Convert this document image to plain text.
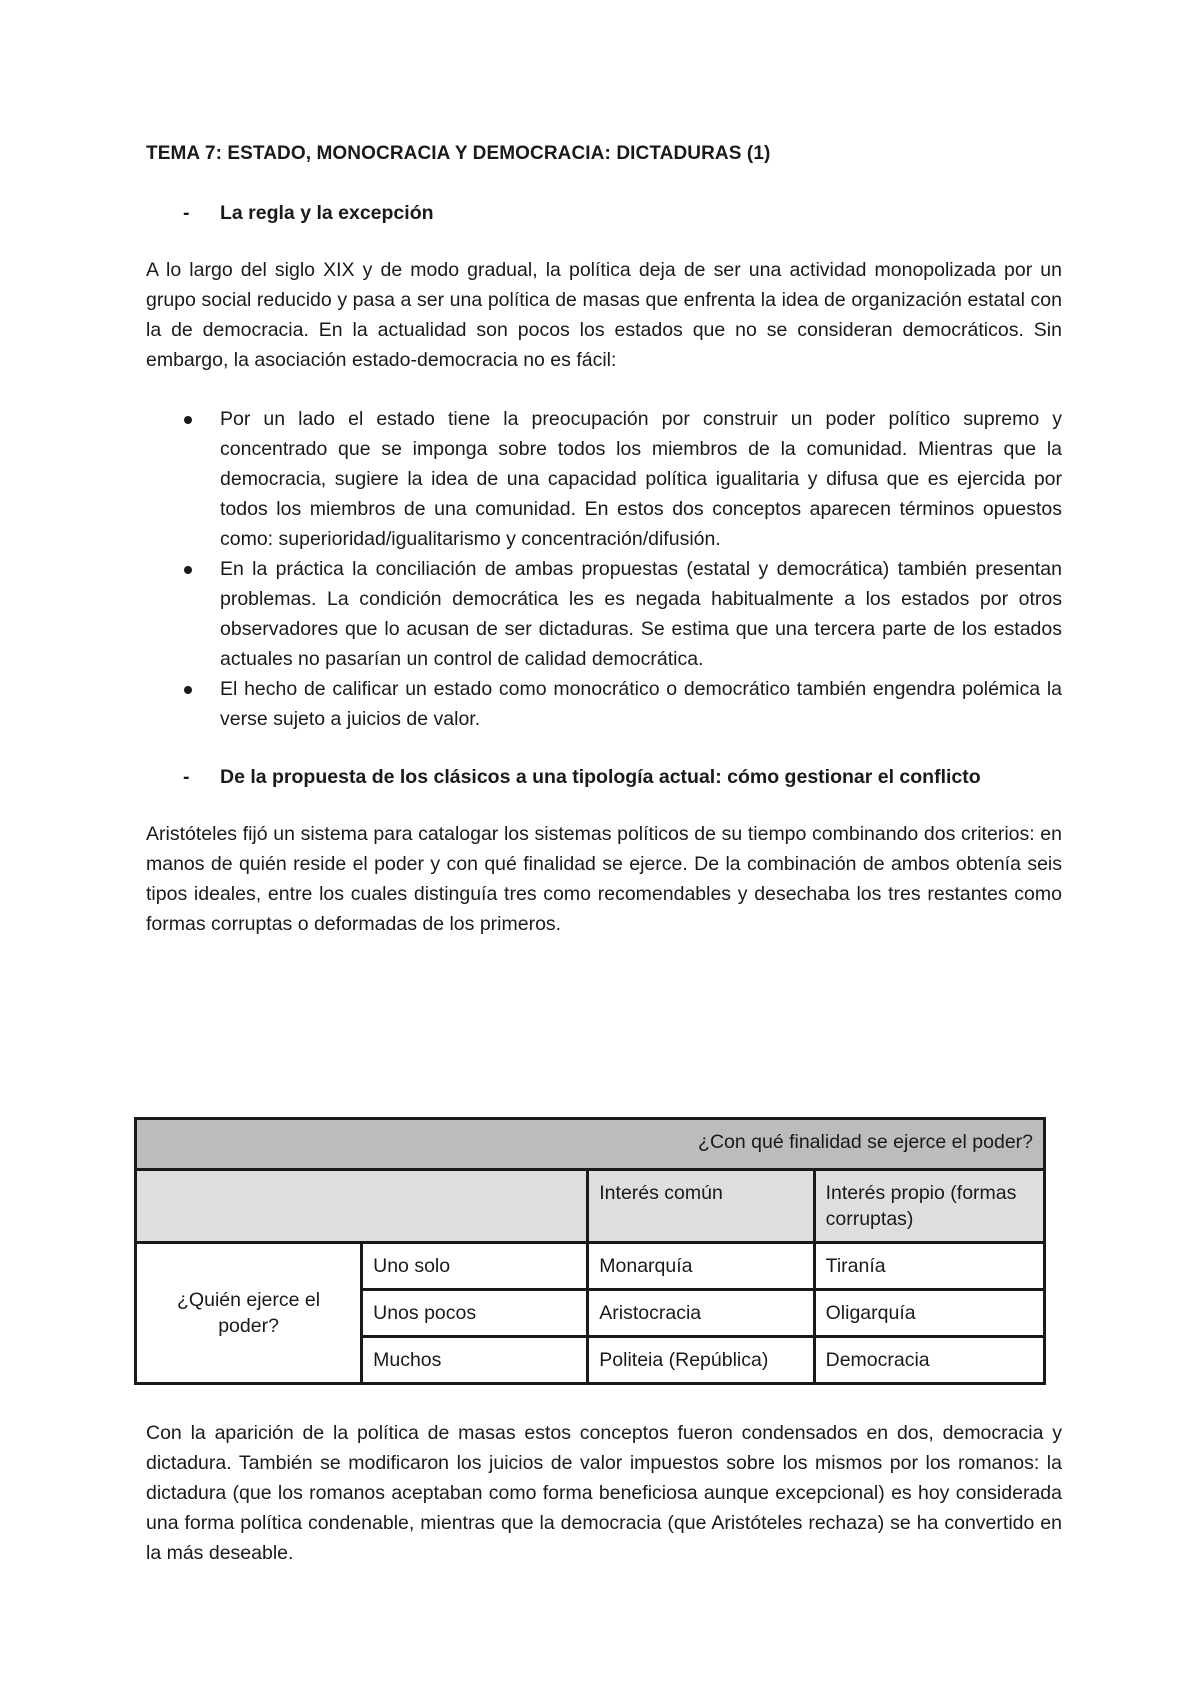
TEMA 7: ESTADO, MONOCRACIA Y DEMOCRACIA: DICTADURAS (1)

-	La regla y la excepción

A lo largo del siglo XIX y de modo gradual, la política deja de ser una actividad monopolizada por un grupo social reducido y pasa a ser una política de masas que enfrenta la idea de organización estatal con la de democracia. En la actualidad son pocos los estados que no se consideran democráticos. Sin embargo, la asociación estado-democracia no es fácil:

Por un lado el estado tiene la preocupación por construir un poder político supremo y concentrado que se imponga sobre todos los miembros de la comunidad. Mientras que la democracia, sugiere la idea de una capacidad política igualitaria y difusa que es ejercida por todos los miembros de una comunidad. En estos dos conceptos aparecen términos opuestos como: superioridad/igualitarismo y concentración/difusión.
En la práctica la conciliación de ambas propuestas (estatal y democrática) también presentan problemas. La condición democrática les es negada habitualmente a los estados por otros observadores que lo acusan de ser dictaduras. Se estima que una tercera parte de los estados actuales no pasarían un control de calidad democrática.
El hecho de calificar un estado como monocrático o democrático también engendra polémica la verse sujeto a juicios de valor.
-	De la propuesta de los clásicos a una tipología actual: cómo gestionar el conflicto

Aristóteles fijó un sistema para catalogar los sistemas políticos de su tiempo combinando dos criterios: en manos de quién reside el poder y con qué finalidad se ejerce. De la combinación de ambos obtenía seis tipos ideales, entre los cuales distinguía tres como recomendables y desechaba los tres restantes como formas corruptas o deformadas de los primeros.

¿Con qué finalidad se ejerce el poder?			
		Interés común	Interés propio (formas corruptas)
¿Quién ejerce el poder?	Uno solo	Monarquía	Tiranía
	Unos pocos	Aristocracia	Oligarquía
	Muchos	Politeia (República)	Democracia

Con la aparición de la política de masas estos conceptos fueron condensados en dos, democracia y dictadura. También se modificaron los juicios de valor impuestos sobre los mismos por los romanos: la dictadura (que los romanos aceptaban como forma beneficiosa aunque excepcional) es hoy considerada una forma política condenable, mientras que la democracia (que Aristóteles rechaza) se ha convertido en la más deseable.
